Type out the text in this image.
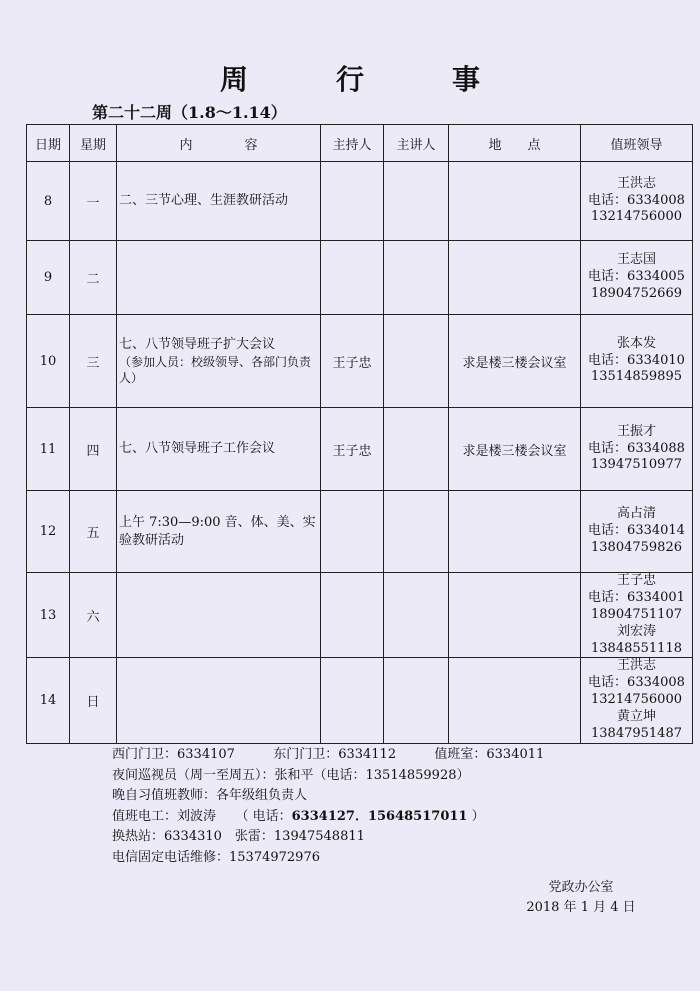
周　行　事
第二十二周（1.8～1.14）
日期	星期	内　　　　容	主持人	主讲人	地　　点	值班领导
8	一	二、三节心理、生涯教研活动				王洪志
电话：6334008
13214756000

9	二					王志国
电话：6334005
18904752669

10	三	七、八节领导班子扩大会议
（参加人员：校级领导、各部门负责人）	王子忠		求是楼三楼会议室	张本发
电话：6334010
13514859895

11	四	七、八节领导班子工作会议	王子忠		求是楼三楼会议室	王振才
电话：6334088
13947510977

12	五	上午 7:30—9:00 音、体、美、实验教研活动				高占清
电话：6334014
13804759826

13	六					王子忠
电话：6334001
18904751107
刘宏涛
13848551118

14	日					王洪志
电话：6334008
13214756000
黄立坤
13847951487
西门门卫：6334107	东门门卫：6334112	值班室：6334011
夜间巡视员（周一至周五）：张和平（电话：13514859928）
晚自习值班教师：各年级组负责人
值班电工：刘波涛　　（ 电话：6334127．15648517011 ）
换热站：6334310　张雷：13947548811
电信固定电话维修：15374972976
党政办公室
2018 年 1 月 4 日
